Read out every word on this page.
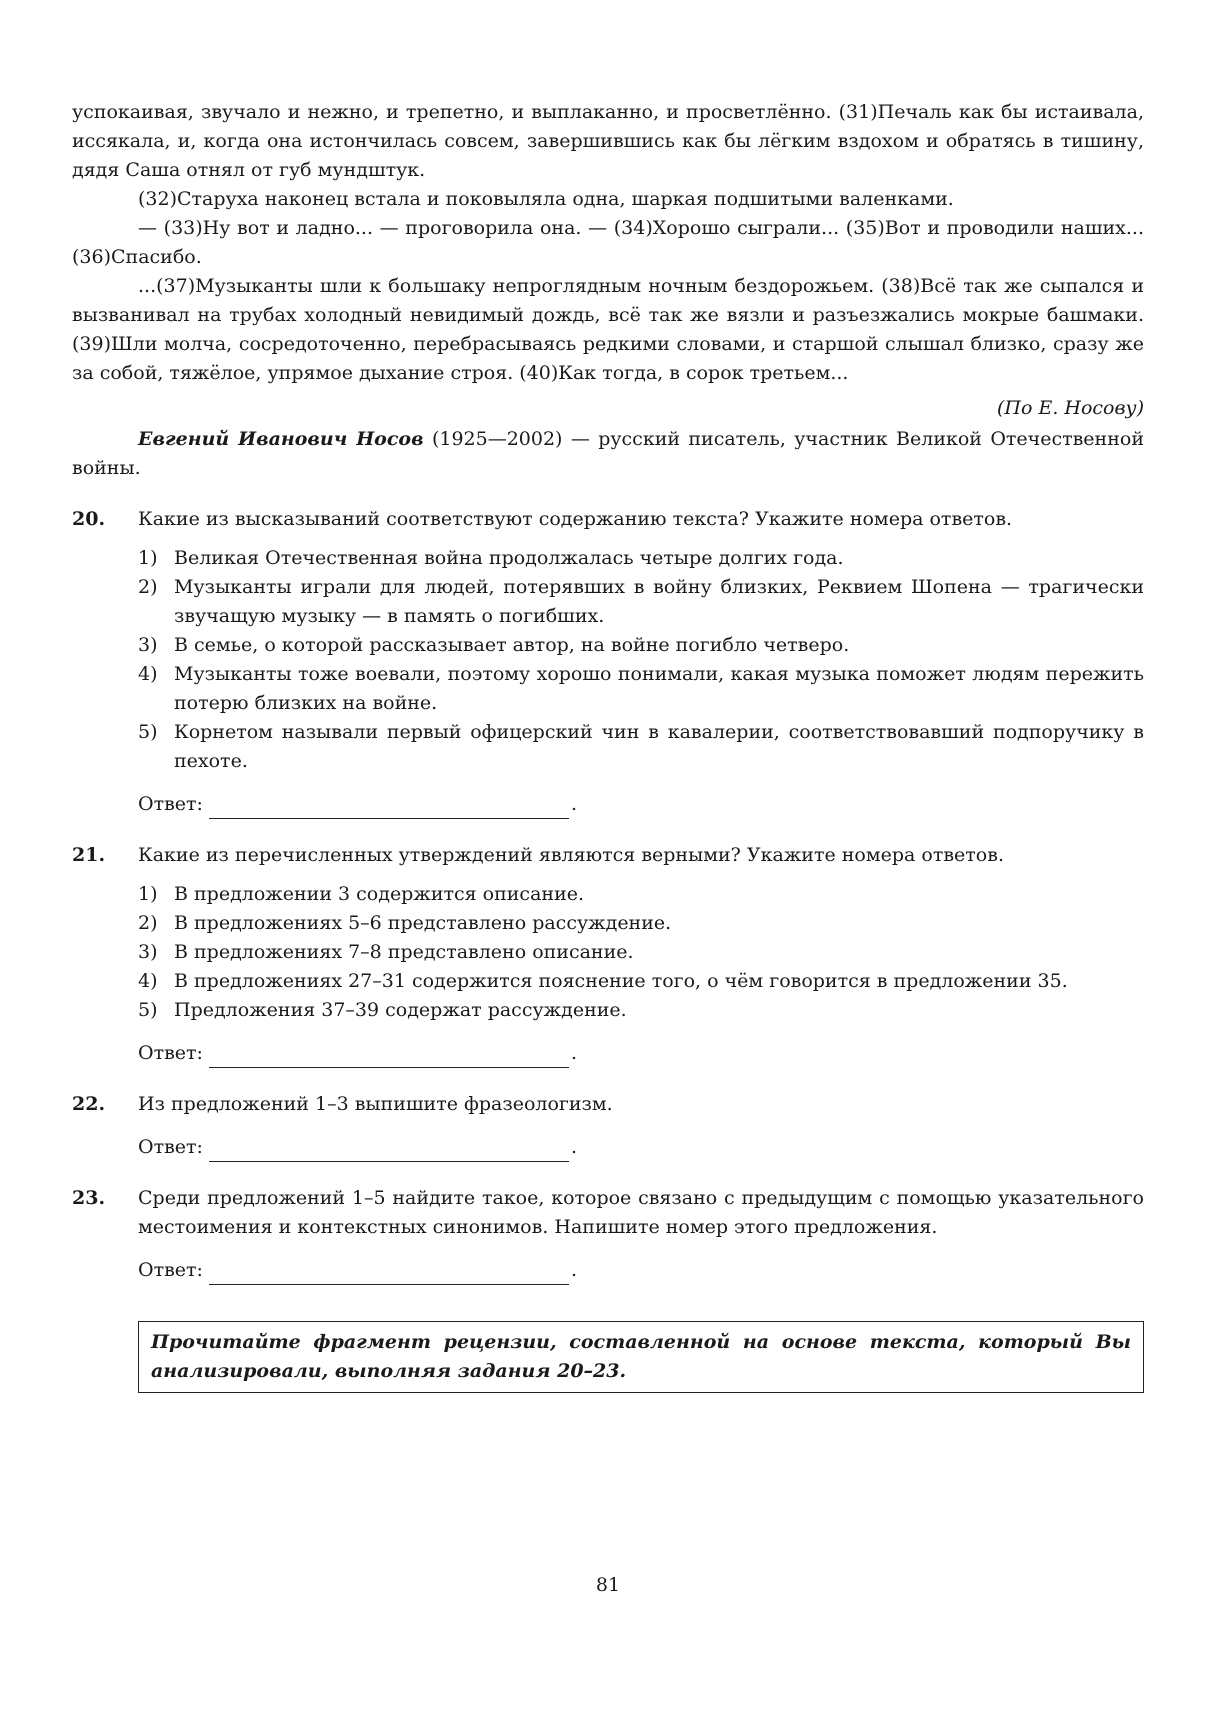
успокаивая, звучало и нежно, и трепетно, и выплаканно, и просветлённо. (31)Печаль как бы истаивала, иссякала, и, когда она истончилась совсем, завершившись как бы лёгким вздохом и обратясь в тишину, дядя Саша отнял от губ мундштук.

(32)Старуха наконец встала и поковыляла одна, шаркая подшитыми валенками.

— (33)Ну вот и ладно... — проговорила она. — (34)Хорошо сыграли... (35)Вот и проводили наших... (36)Спасибо.

...(37)Музыканты шли к большаку непроглядным ночным бездорожьем. (38)Всё так же сыпался и вызванивал на трубах холодный невидимый дождь, всё так же вязли и разъезжались мокрые башмаки. (39)Шли молча, сосредоточенно, перебрасываясь редкими словами, и старшой слышал близко, сразу же за собой, тяжёлое, упрямое дыхание строя. (40)Как тогда, в сорок третьем...

(По Е. Носову)

Евгений Иванович Носов (1925—2002) — русский писатель, участник Великой Отечественной войны.

20. Какие из высказываний соответствуют содержанию текста? Укажите номера ответов.

1) Великая Отечественная война продолжалась четыре долгих года.
2) Музыканты играли для людей, потерявших в войну близких, Реквием Шопена — трагически звучащую музыку — в память о погибших.
3) В семье, о которой рассказывает автор, на войне погибло четверо.
4) Музыканты тоже воевали, поэтому хорошо понимали, какая музыка поможет людям пережить потерю близких на войне.
5) Корнетом называли первый офицерский чин в кавалерии, соответствовавший подпоручику в пехоте.

Ответ:	.

21. Какие из перечисленных утверждений являются верными? Укажите номера ответов.

1) В предложении 3 содержится описание.
2) В предложениях 5–6 представлено рассуждение.
3) В предложениях 7–8 представлено описание.
4) В предложениях 27–31 содержится пояснение того, о чём говорится в предложении 35.
5) Предложения 37–39 содержат рассуждение.

Ответ:	.

22. Из предложений 1–3 выпишите фразеологизм.

Ответ:	.

23. Среди предложений 1–5 найдите такое, которое связано с предыдущим с помощью указательного местоимения и контекстных синонимов. Напишите номер этого предложения.

Ответ:	.

Прочитайте фрагмент рецензии, составленной на основе текста, который Вы анализировали, выполняя задания 20–23.
81
